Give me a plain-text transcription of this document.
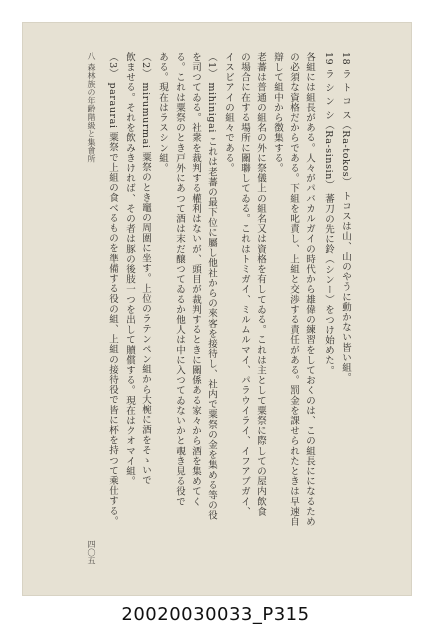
18 ラ ト コ ス（Ra-tokos） トコスは山、山のやうに動かない皆い組。
19 ラ シ ン シ（Ra-sinsin） 蕃刀の先に鈴（シンー）をつけ始めた。
各組には組長がある。人々がパバカルガイの時代から雄偉の練習をしておくのは、この組長にになるため
の必須な資格だからである。下組を叱責し、上組と交渉する責任がある。罰金を課せられたときは早速自
辯して組中から徴集する。
老蕃は普通の組名の外に祭儀上の組名又は資格を有してゐる。これは主として粟祭に際しての屋内飲食
の場合に在する場所に關聯してゐる。これはトミガイ、ミルムルマイ、パラウイライ、イフアブガイ、
イスビアイの組々である。
（1） mihinigai これは老蕃の最下位に屬し他社からの來客を接待し、社内で粟祭の金を集める等の役
を司つてゐる。社衆を裁判する權利はないが、頭目が裁判するときに關係ある家々から酒を集めてく
る。これは粟祭のとき戸外にあつて酒は末だ醸つてゐるか他人は中に入つてゐないかと覗き見る役で
ある。現在はラスシン組。
（2） mirumurmai 粟祭のとき竈の周圍に坐す。上位のラテンペン組から大椀に酒をそゝいで
飲ませる。それを飲みきければ、その者は豚の後肢一つを出して贖償する。現在はクオマイ組。
（3） paraurai 粟祭で上組の食べるものを準備する役の組、上組の接待役で皆に杯を持つて乘仕する。
八 森林族の年齢階級と集會所
四〇五
20020030033_P315
